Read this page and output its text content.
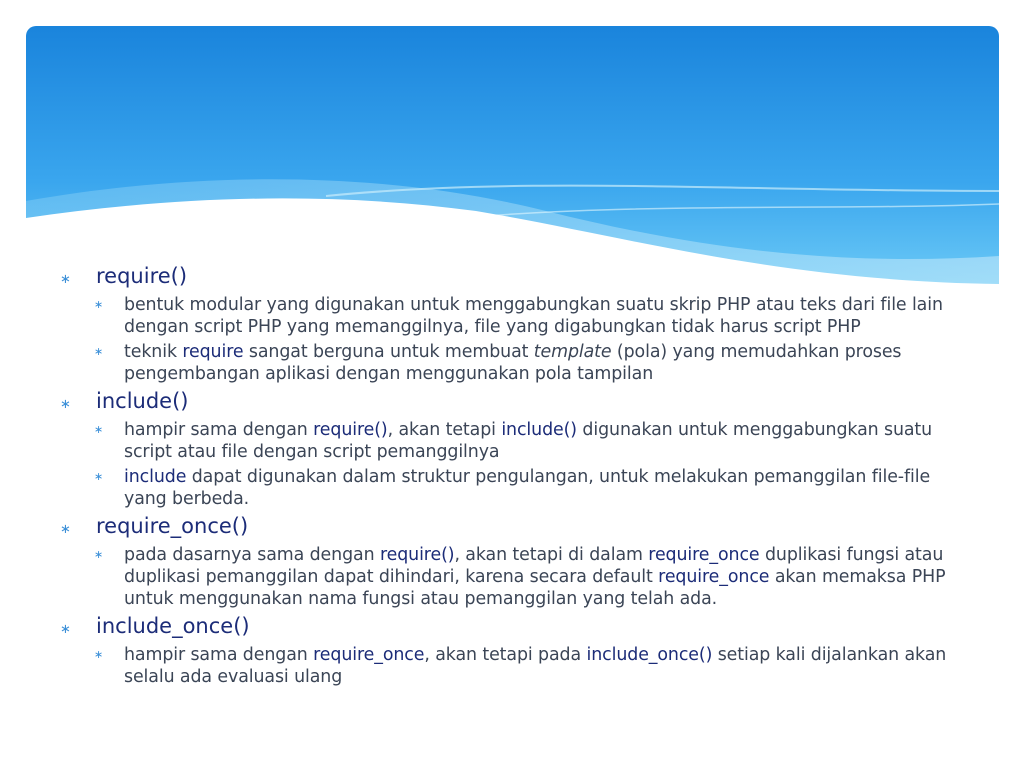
∗	require()
∗	bentuk modular yang digunakan untuk menggabungkan suatu skrip PHP atau teks dari file lain dengan script PHP yang memanggilnya, file yang digabungkan tidak harus script PHP
∗	teknik require sangat berguna untuk membuat template (pola) yang memudahkan proses pengembangan aplikasi dengan menggunakan pola tampilan
∗	include()
∗	hampir sama dengan require(), akan tetapi include() digunakan untuk menggabungkan suatu script atau file dengan script pemanggilnya
∗	include dapat digunakan dalam struktur pengulangan, untuk melakukan pemanggilan file-file yang berbeda.
∗	require_once()
∗	pada dasarnya sama dengan require(), akan tetapi di dalam require_once duplikasi fungsi atau duplikasi pemanggilan dapat dihindari, karena secara default require_once akan memaksa PHP untuk menggunakan nama fungsi atau pemanggilan yang telah ada.
∗	include_once()
∗	hampir sama dengan require_once, akan tetapi pada include_once() setiap kali dijalankan akan selalu ada evaluasi ulang
